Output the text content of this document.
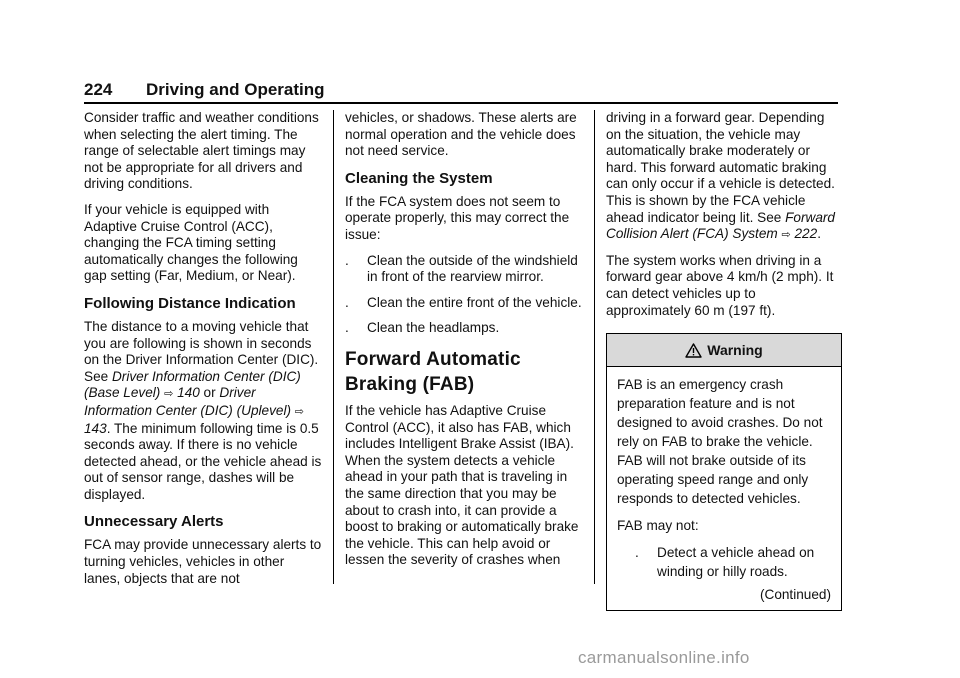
224 Driving and Operating

Consider traffic and weather conditions when selecting the alert timing. The range of selectable alert timings may not be appropriate for all drivers and driving conditions.

If your vehicle is equipped with Adaptive Cruise Control (ACC), changing the FCA timing setting automatically changes the following gap setting (Far, Medium, or Near).

Following Distance Indication

The distance to a moving vehicle that you are following is shown in seconds on the Driver Information Center (DIC). See Driver Information Center (DIC) (Base Level) ⇨ 140 or Driver Information Center (DIC) (Uplevel) ⇨ 143. The minimum following time is 0.5 seconds away. If there is no vehicle detected ahead, or the vehicle ahead is out of sensor range, dashes will be displayed.

Unnecessary Alerts

FCA may provide unnecessary alerts to turning vehicles, vehicles in other lanes, objects that are not

vehicles, or shadows. These alerts are normal operation and the vehicle does not need service.

Cleaning the System

If the FCA system does not seem to operate properly, this may correct the issue:

. Clean the outside of the windshield in front of the rearview mirror.
. Clean the entire front of the vehicle.
. Clean the headlamps.
Forward Automatic
Braking (FAB)

If the vehicle has Adaptive Cruise Control (ACC), it also has FAB, which includes Intelligent Brake Assist (IBA). When the system detects a vehicle ahead in your path that is traveling in the same direction that you may be about to crash into, it can provide a boost to braking or automatically brake the vehicle. This can help avoid or lessen the severity of crashes when

driving in a forward gear. Depending on the situation, the vehicle may automatically brake moderately or hard. This forward automatic braking can only occur if a vehicle is detected. This is shown by the FCA vehicle ahead indicator being lit. See Forward Collision Alert (FCA) System ⇨ 222.

The system works when driving in a forward gear above 4 km/h (2 mph). It can detect vehicles up to approximately 60 m (197 ft).

Warning

FAB is an emergency crash preparation feature and is not designed to avoid crashes. Do not rely on FAB to brake the vehicle. FAB will not brake outside of its operating speed range and only responds to detected vehicles.

FAB may not:

. Detect a vehicle ahead on winding or hilly roads.
(Continued)
carmanualsonline.info
